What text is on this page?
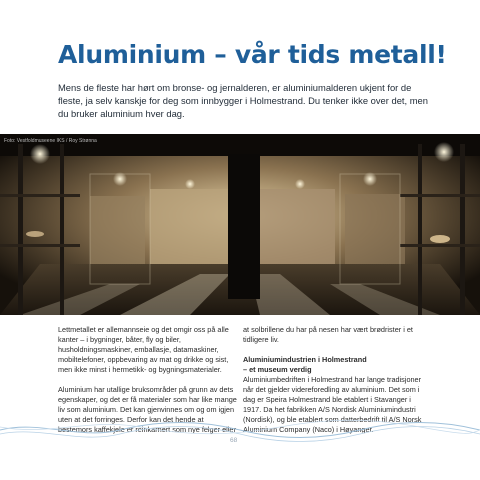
Aluminium – vår tids metall!
Mens de fleste har hørt om bronse- og jernalderen, er aluminiumalderen ukjent for de fleste, ja selv kanskje for deg som innbygger i Holmestrand. Du tenker ikke over det, men du bruker aluminium hver dag.
Foto: Vestfoldmuseene IKS / Roy Strønna

Lettmetallet er allemannseie og det omgir oss på alle kanter – i bygninger, båter, fly og biler, husholdningsmaskiner, emballasje, datamaskiner, mobiltelefoner, oppbevaring av mat og drikke og sist, men ikke minst i hermetikk- og bygningsmaterialer.

Aluminium har utallige bruksområder på grunn av dets egenskaper, og det er få materialer som har like mange liv som aluminium. Det kan gjenvinnes om og om igjen uten at det forringes. Derfor kan det hende at bestemors kaffekjele er reinkarnert som nye felger eller

at solbrillene du har på nesen har vært brødrister i et tidligere liv.

Aluminiumindustrien i Holmestrand
– et museum verdig
Aluminiumbedriften i Holmestrand har lange tradisjoner når det gjelder videreforedling av aluminium. Det som i dag er Speira Holmestrand ble etablert i Stavanger i 1917. Da het fabrikken A/S Nordisk Aluminiumindustri (Nordisk), og ble etablert som datterbedrift til A/S Norsk Aluminium Company (Naco) i Høyanger.

68
